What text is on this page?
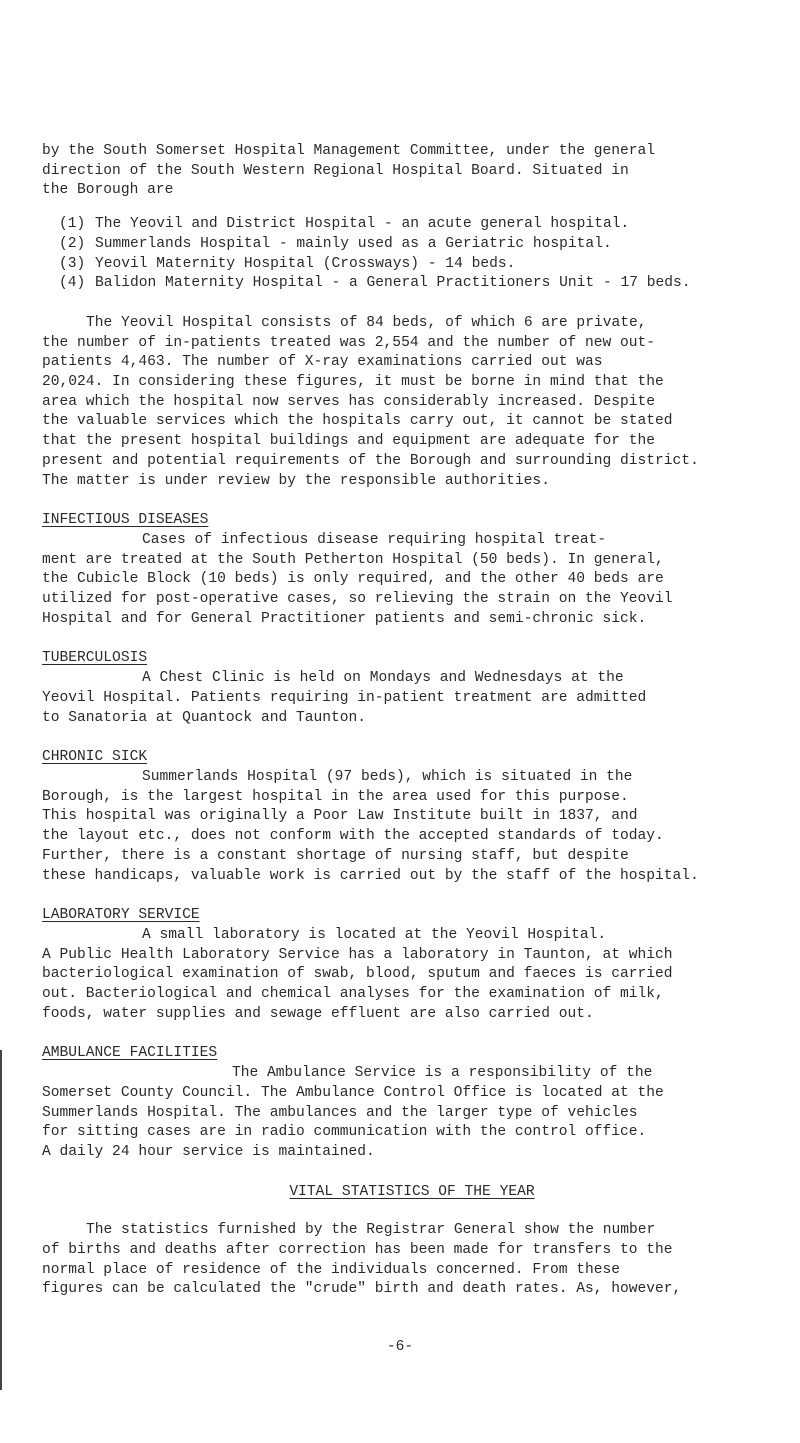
by the South Somerset Hospital Management Committee, under the general

direction of the South Western Regional Hospital Board. Situated in

the Borough are

(1) The Yeovil and District Hospital - an acute general hospital.
(2) Summerlands Hospital - mainly used as a Geriatric hospital.
(3) Yeovil Maternity Hospital (Crossways) - 14 beds.
(4) Balidon Maternity Hospital - a General Practitioners Unit - 17 beds.

The Yeovil Hospital consists of 84 beds, of which 6 are private,

the number of in-patients treated was 2,554 and the number of new out-

patients 4,463. The number of X-ray examinations carried out was

20,024. In considering these figures, it must be borne in mind that the

area which the hospital now serves has considerably increased. Despite

the valuable services which the hospitals carry out, it cannot be stated

that the present hospital buildings and equipment are adequate for the

present and potential requirements of the Borough and surrounding district.

The matter is under review by the responsible authorities.

INFECTIOUS DISEASES

Cases of infectious disease requiring hospital treat-

ment are treated at the South Petherton Hospital (50 beds). In general,

the Cubicle Block (10 beds) is only required, and the other 40 beds are

utilized for post-operative cases, so relieving the strain on the Yeovil

Hospital and for General Practitioner patients and semi-chronic sick.

TUBERCULOSIS

A Chest Clinic is held on Mondays and Wednesdays at the

Yeovil Hospital. Patients requiring in-patient treatment are admitted

to Sanatoria at Quantock and Taunton.

CHRONIC SICK

Summerlands Hospital (97 beds), which is situated in the

Borough, is the largest hospital in the area used for this purpose.

This hospital was originally a Poor Law Institute built in 1837, and

the layout etc., does not conform with the accepted standards of today.

Further, there is a constant shortage of nursing staff, but despite

these handicaps, valuable work is carried out by the staff of the hospital.

LABORATORY SERVICE

A small laboratory is located at the Yeovil Hospital.

A Public Health Laboratory Service has a laboratory in Taunton, at which

bacteriological examination of swab, blood, sputum and faeces is carried

out. Bacteriological and chemical analyses for the examination of milk,

foods, water supplies and sewage effluent are also carried out.

AMBULANCE FACILITIES

The Ambulance Service is a responsibility of the

Somerset County Council. The Ambulance Control Office is located at the

Summerlands Hospital. The ambulances and the larger type of vehicles

for sitting cases are in radio communication with the control office.

A daily 24 hour service is maintained.

VITAL STATISTICS OF THE YEAR

The statistics furnished by the Registrar General show the number

of births and deaths after correction has been made for transfers to the

normal place of residence of the individuals concerned. From these

figures can be calculated the "crude" birth and death rates. As, however,

-6-
